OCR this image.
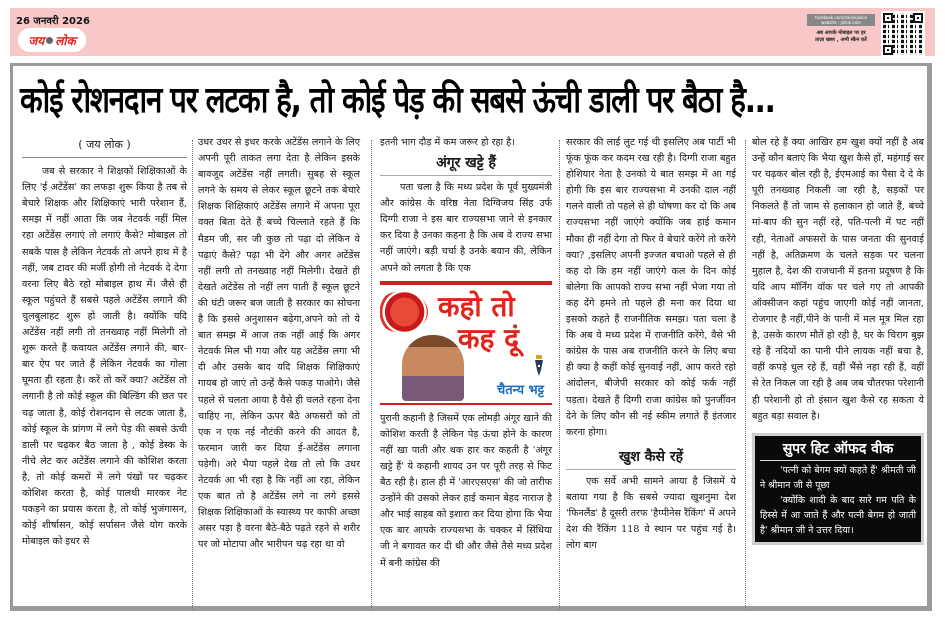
26 जनवरी 2026
जय लोक
facebook.com/dainikjailok
website - jailok.com
अब आपके मोबाइल पर हर
ताज़ा खबर , अभी स्कैन करें
कोई रोशनदान पर लटका है, तो कोई पेड़ की सबसे ऊंची डाली पर बैठा है...
( जय लोक )

जब से सरकार ने शिक्षकों शिक्षिकाओं के लिए 'ई अटेंडेंस' का लफड़ा शुरू किया है तब से बेचारे शिक्षक और शिक्षिकाएं भारी परेशान हैं, समझ में नहीं आता कि जब नेटवर्क नहीं मिल रहा अटेंडेंस लगाएं तो लगाएं कैसे? मोबाइल तो सबके पास है लेकिन नेटवर्क तो अपने हाथ में है नहीं, जब टावर की मर्जी होगी तो नेटवर्क दे देगा वरना लिए बैठे रहो मोबाइल हाथ में। जैसे ही स्कूल पहुंचते हैं सबसे पहले अटेंडेंस लगाने की चुलबुलाहट शुरू हो जाती है। क्योंकि यदि अटेंडेंस नहीं लगी तो तनख्वाह नहीं मिलेगी तो शुरू करते हैं कवायत अटेंडेंस लगाने की, बार-बार ऐप पर जाते हैं लेकिन नेटवर्क का गोला घूमता ही रहता है। करें तो करें क्या? अटेंडेंस तो लगानी है तो कोई स्कूल की बिल्डिंग की छत पर चढ़ जाता है, कोई रोशनदान से लटक जाता है, कोई स्कूल के प्रांगण में लगे पेड़ की सबसे ऊंची डाली पर चढ़कर बैठ जाता है , कोई डेस्क के नीचे लेट कर अटेंडेंस लगाने की कोशिश करता है, तो कोई कमरों में लगे पंखों पर चढ़कर कोशिश करता है, कोई पालथी मारकर नेट पकड़ने का प्रयास करता है, तो कोई भुजंगासन, कोई शीर्षासन, कोई सर्पासन जैसे योग करके मोबाइल को इधर से

उधर उधर से इधर करके अटेंडेंस लगाने के लिए अपनी पूरी ताकत लगा देता है लेकिन इसके बावजूद अटेंडेंस नहीं लगती। सुबह से स्कूल लगने के समय से लेकर स्कूल छूटने तक बेचारे शिक्षक शिक्षिकाएं अटेंडेंस लगाने में अपना पूरा वक्त बिता देते हैं बच्चे चिल्लाते रहते हैं कि मैडम जी, सर जी कुछ तो पढ़ा दो लेकिन वे पढ़ाएं कैसे? पढ़ा भी देंगे और अगर अटेंडेंस नहीं लगी तो तनख्वाह नहीं मिलेगी। देखते ही देखते अटेंडेंस तो नहीं लग पाती हैं स्कूल छूटने की घंटी जरूर बज जाती है सरकार का सोचना है कि इससे अनुशासन बढ़ेगा,अपने को तो ये बात समझ में आज तक नहीं आई कि अगर नेटवर्क मिल भी गया और यह अटेंडेंस लगा भी दी और उसके बाद यदि शिक्षक शिक्षिकाएं गायब हो जाएं तो उन्हें कैसे पकड़ पाओगे। जैसे पहले से चलता आया है वैसे ही चलते रहना देना चाहिए ना, लेकिन ऊपर बैठे अफसरों को तो एक न एक नई नौटंकी करने की आदत है, फरमान जारी कर दिया ई-अटेंडेंस लगाना पड़ेगी। अरे भैया पहले देख तो लो कि उधर नेटवर्क आ भी रहा है कि नहीं आ रहा, लेकिन एक बात तो है अटेंडेंस लगे ना लगे इससे शिक्षक शिक्षिकाओं के स्वास्थ्य पर काफी अच्छा असर पड़ा है वरना बैठे-बैठे पढ़ते रहने से शरीर पर जो मोटापा और भारीपन चढ़ रहा था वो

इतनी भाग दौड़ में कम जरूर हो रहा है।

अंगूर खट्टे हैं

पता चला है कि मध्य प्रदेश के पूर्व मुख्यमंत्री और कांग्रेस के वरिष्ठ नेता दिग्विजय सिंह उर्फ दिग्गी राजा ने इस बार राज्यसभा जाने से इनकार कर दिया है उनका कहना है कि अब वे राज्य सभा नहीं जाएंगे। बड़ी चर्चा है उनके बयान की, लेकिन अपने को लगता है कि एक

कहो तो
कह दूं
चैतन्य भट्ट

पुरानी कहानी है जिसमें एक लोमड़ी अंगूर खाने की कोशिश करती है लेकिन पेड़ ऊंचा होने के कारण नहीं खा पाती और थक हार कर कहती है 'अंगूर खट्टे हैं' ये कहानी शायद उन पर पूरी तरह से फिट बैठ रही है। हाल ही में 'आरएसएस' की जो तारीफ उन्होंने की उसको लेकर हाई कमान बेहद नाराज है और भाई साहब को इशारा कर दिया होगा कि भैया एक बार आपके राज्यसभा के चक्कर में सिंधिया जी ने बगावत कर दी थी और जैसे तैसे मध्य प्रदेश में बनी कांग्रेस की

सरकार की लाई लुट गई थी इसलिए अब पार्टी भी फूंक फूंक कर कदम रख रही है। दिग्गी राजा बहुत होशियार नेता है उनको ये बात समझ में आ गई होगी कि इस बार राज्यसभा में उनकी दाल नहीं गलने वाली तो पहले से ही घोषणा कर दो कि अब राज्यसभा नहीं जाएंगे क्योंकि जब हाई कमान मौका ही नहीं देगा तो फिर वे बेचारे करेंगे तो करेंगे क्या? ,इसलिए अपनी इज्जत बचाओ पहले से ही कह दो कि हम नहीं जाएंगे कल के दिन कोई बोलेगा कि आपको राज्य सभा नहीं भेजा गया तो कह देंगे हमने तो पहले ही मना कर दिया था इसको कहते हैं राजनीतिक समझ। पता चला है कि अब वे मध्य प्रदेश में राजनीति करेंगे, वैसे भी कांग्रेस के पास अब राजनीति करने के लिए बचा ही क्या है कहीं कोई सुनवाई नहीं, आप करते रहो आंदोलन, बीजेपी सरकार को कोई फर्क नहीं पड़ता। देखते हैं दिग्गी राजा कांग्रेस को पुनर्जीवन देने के लिए कौन सी नई स्कीम लगाते हैं इंतजार करना होगा।

खुश कैसे रहें

एक सर्वे अभी सामने आया है जिसमें ये बताया गया है कि सबसे ज्यादा खुशनुमा देश 'फिनलैंड' है दूसरी तरफ 'हैप्पीनेस रैंकिंग' में अपने देश की रैंकिंग 118 वे स्थान पर पहुंच गई है। लोग बाग

बोल रहे हैं क्या आखिर हम खुश क्यों नहीं है अब उन्हें कौन बताएं कि भैया खुश कैसे हों, महंगाई सर पर चढ़कर बोल रही है, ईएमआई का पैसा दे दे के पूरी तनख्वाह निकली जा रही है, सड़कों पर निकलते हैं तो जाम से हलाकान हो जाते हैं, बच्चे मां-बाप की सुन नहीं रहे, पति-पत्नी में पट नहीं रही, नेताओं अफसरों के पास जनता की सुनवाई नहीं है, अतिक्रमण के चलते सड़क पर चलना मुहाल है, देश की राजधानी में इतना प्रदूषण है कि यदि आप मॉर्निंग वॉक पर चले गए तो आपकी ऑक्सीजन कहां पहुंच जाएगी कोई नहीं जानता, रोजगार है नहीं,पीने के पानी में मल मूत्र मिल रहा है, उसके कारण मौतें हो रही है, घर के चिराग बुझ रहे हैं नदियों का पानी पीने लायक नहीं बचा है, वहीं कपड़े धुल रहे हैं, वहीं भैंसे नहा रही हैं, वहीं से रेत निकल जा रही है अब जब चौतरफा परेशानी ही परेशानी हो तो इंसान खुश कैसे रह सकता ये बहुत बड़ा सवाल है।

सुपर हिट ऑफद वीक

'पत्नी को बेगम क्यों कहते हैं' श्रीमती जी ने श्रीमान जी से पूछा

'क्योंकि शादी के बाद सारे गम पति के हिस्से में आ जाते हैं और पत्नी बेगम हो जाती है' श्रीमान जी ने उत्तर दिया।
